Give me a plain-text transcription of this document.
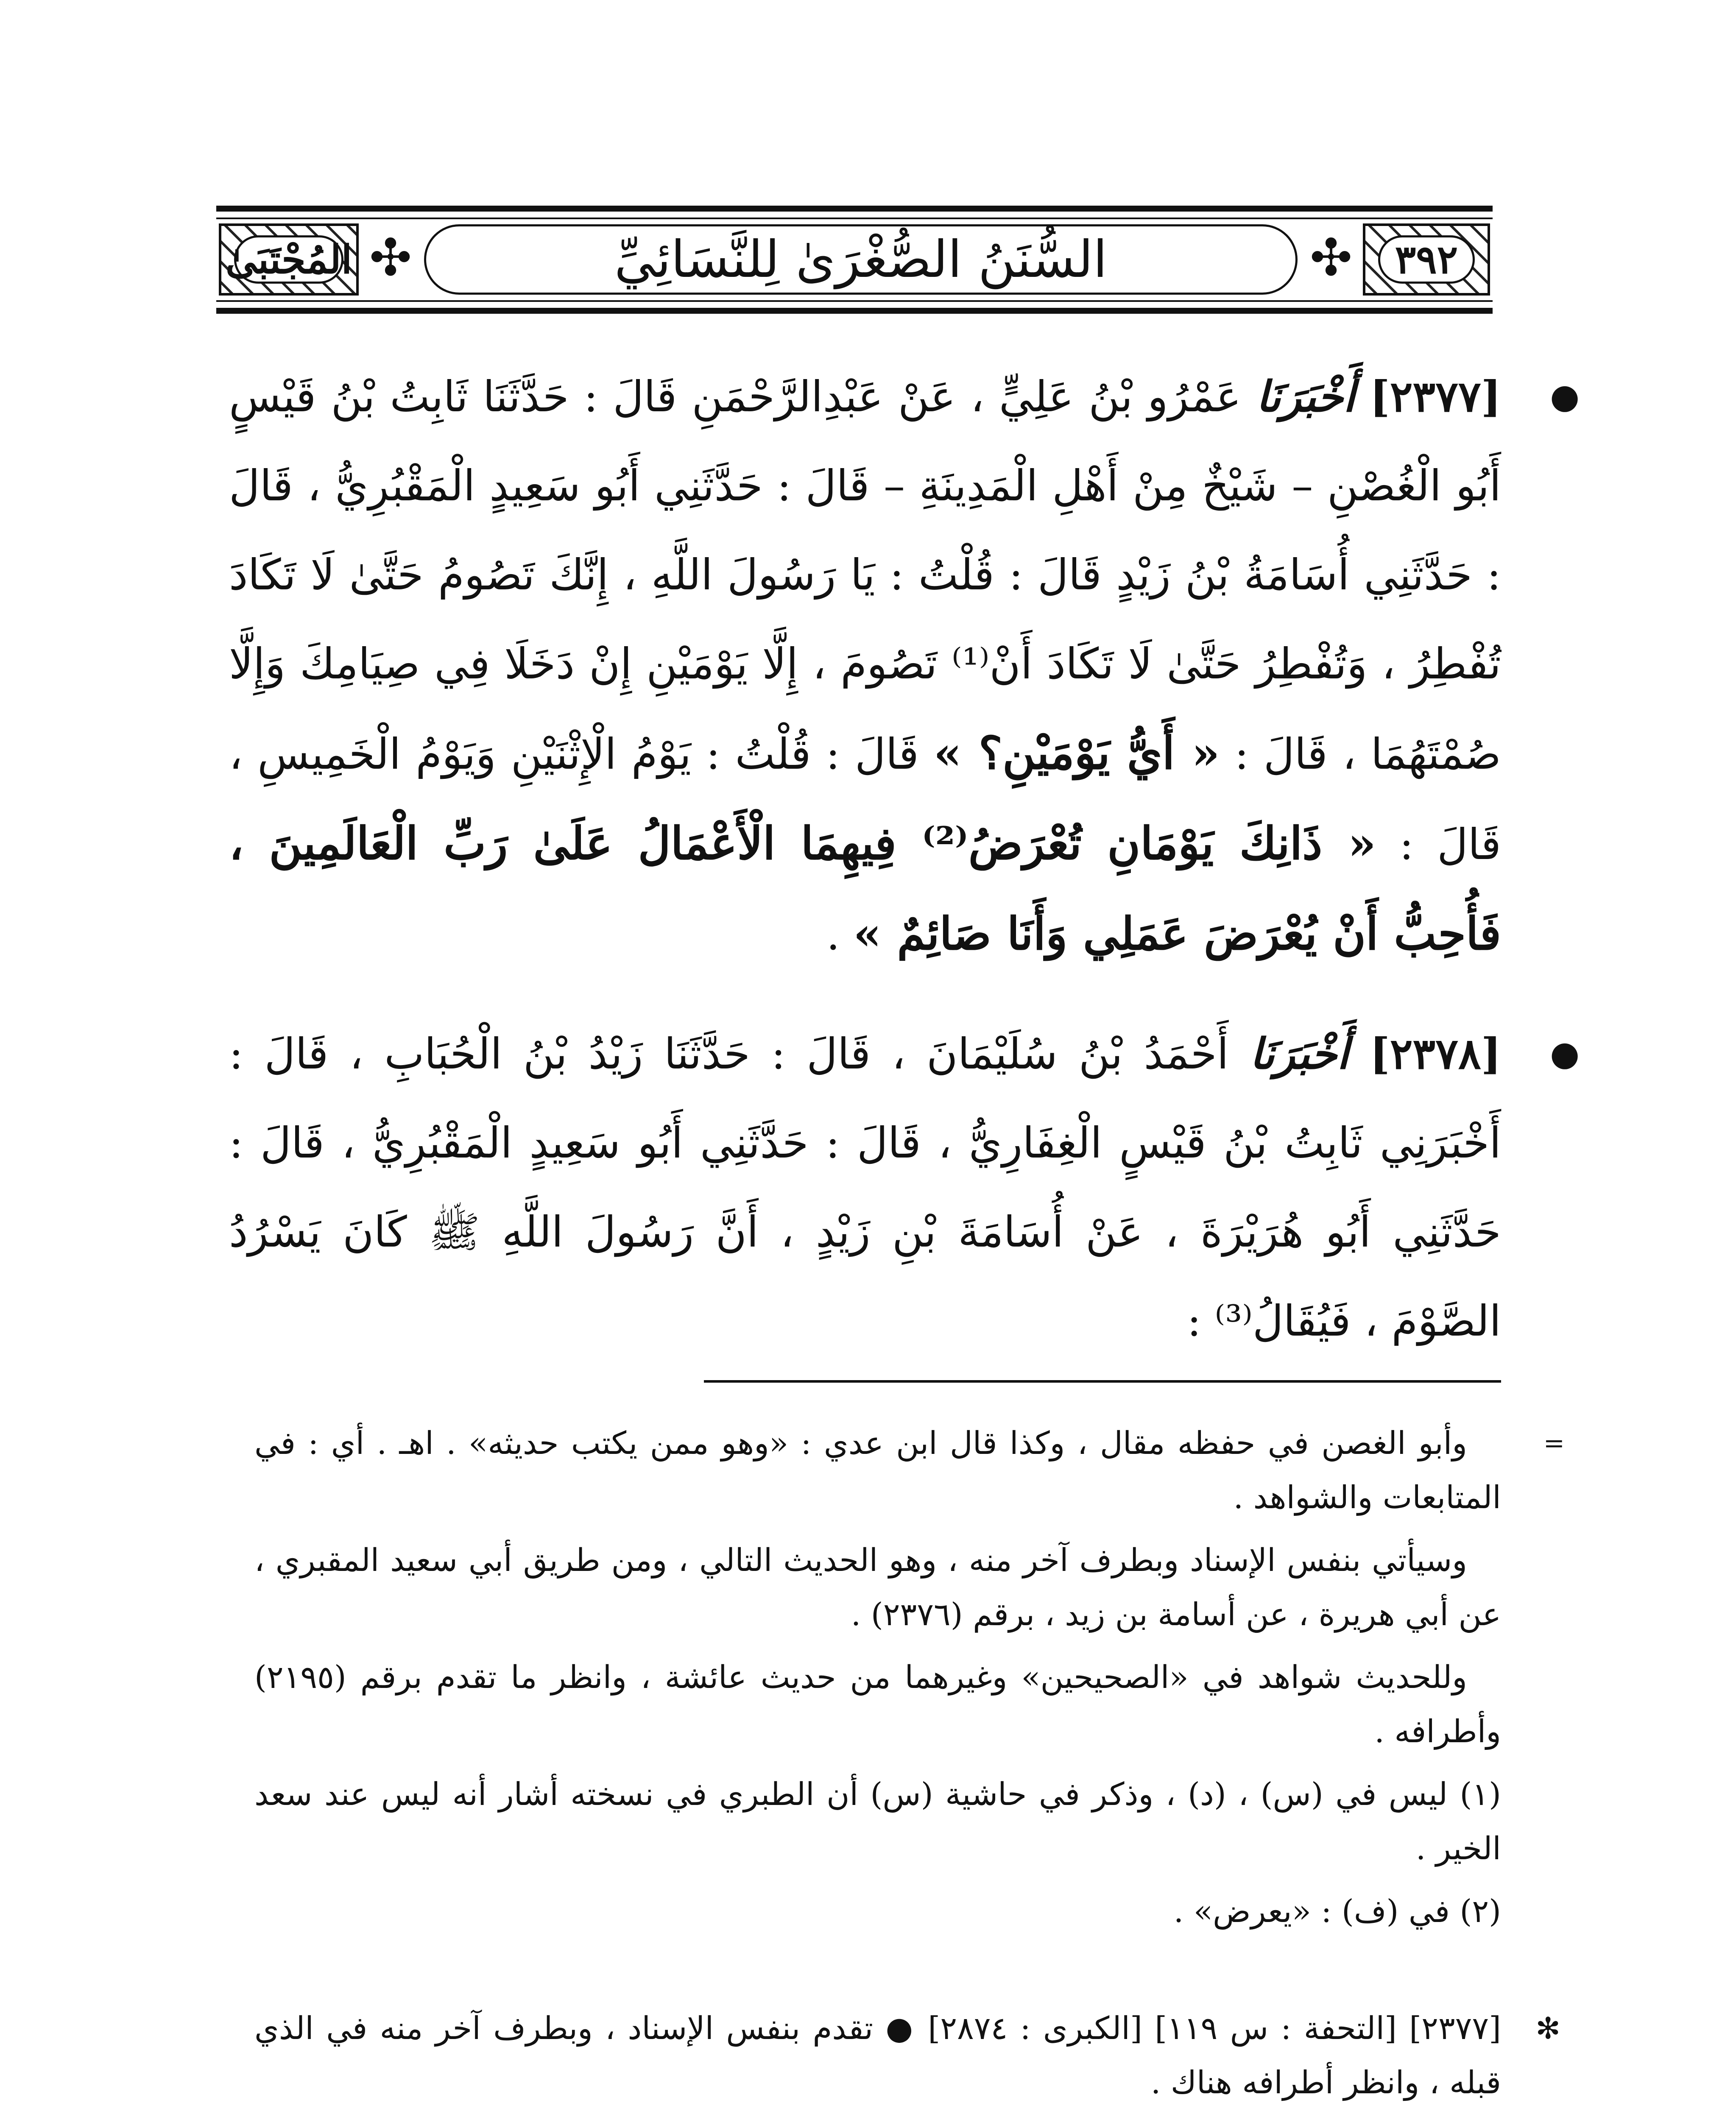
المُجْتَبَىٰ ✣	السُّنَنُ الصُّغْرَىٰ لِلنَّسَائِيِّ	✣	٣٩٢
●
[٢٣٧٧] أَخْبَرَنَا عَمْرُو بْنُ عَلِيٍّ ، عَنْ عَبْدِالرَّحْمَنِ قَالَ : حَدَّثَنَا ثَابِتُ بْنُ قَيْسٍ أَبُو الْغُصْنِ – شَيْخٌ مِنْ أَهْلِ الْمَدِينَةِ – قَالَ : حَدَّثَنِي أَبُو سَعِيدٍ الْمَقْبُرِيُّ ، قَالَ : حَدَّثَنِي أُسَامَةُ بْنُ زَيْدٍ قَالَ : قُلْتُ : يَا رَسُولَ اللَّهِ ، إِنَّكَ تَصُومُ حَتَّىٰ لَا تَكَادَ تُفْطِرُ ، وَتُفْطِرُ حَتَّىٰ لَا تَكَادَ أَنْ⁽¹⁾ تَصُومَ ، إِلَّا يَوْمَيْنِ إِنْ دَخَلَا فِي صِيَامِكَ وَإِلَّا صُمْتَهُمَا ، قَالَ : « أَيُّ يَوْمَيْنِ؟ » قَالَ : قُلْتُ : يَوْمُ الْإِثْنَيْنِ وَيَوْمُ الْخَمِيسِ ، قَالَ : « ذَانِكَ يَوْمَانِ تُعْرَضُ⁽²⁾ فِيهِمَا الْأَعْمَالُ عَلَىٰ رَبِّ الْعَالَمِينَ ، فَأُحِبُّ أَنْ يُعْرَضَ عَمَلِي وَأَنَا صَائِمٌ » .
●
[٢٣٧٨] أَخْبَرَنَا أَحْمَدُ بْنُ سُلَيْمَانَ ، قَالَ : حَدَّثَنَا زَيْدُ بْنُ الْحُبَابِ ، قَالَ : أَخْبَرَنِي ثَابِتُ بْنُ قَيْسٍ الْغِفَارِيُّ ، قَالَ : حَدَّثَنِي أَبُو سَعِيدٍ الْمَقْبُرِيُّ ، قَالَ : حَدَّثَنِي أَبُو هُرَيْرَةَ ، عَنْ أُسَامَةَ بْنِ زَيْدٍ ، أَنَّ رَسُولَ اللَّهِ ﷺ كَانَ يَسْرُدُ الصَّوْمَ ، فَيُقَالُ⁽³⁾ :
=

وأبو الغصن في حفظه مقال ، وكذا قال ابن عدي : «وهو ممن يكتب حديثه» . اهـ . أي : في المتابعات والشواهد .

وسيأتي بنفس الإسناد وبطرف آخر منه ، وهو الحديث التالي ، ومن طريق أبي سعيد المقبري ، عن أبي هريرة ، عن أسامة بن زيد ، برقم (٢٣٧٦) .

وللحديث شواهد في «الصحيحين» وغيرهما من حديث عائشة ، وانظر ما تقدم برقم (٢١٩٥) وأطرافه .

(١) ليس في (س) ، (د) ، وذكر في حاشية (س) أن الطبري في نسخته أشار أنه ليس عند سعد الخير .

(٢) في (ف) : «يعرض» .

✻

[٢٣٧٧] [التحفة : س ١١٩] [الكبرى : ٢٨٧٤] ● تقدم بنفس الإسناد ، وبطرف آخر منه في الذي قبله ، وانظر أطرافه هناك .
